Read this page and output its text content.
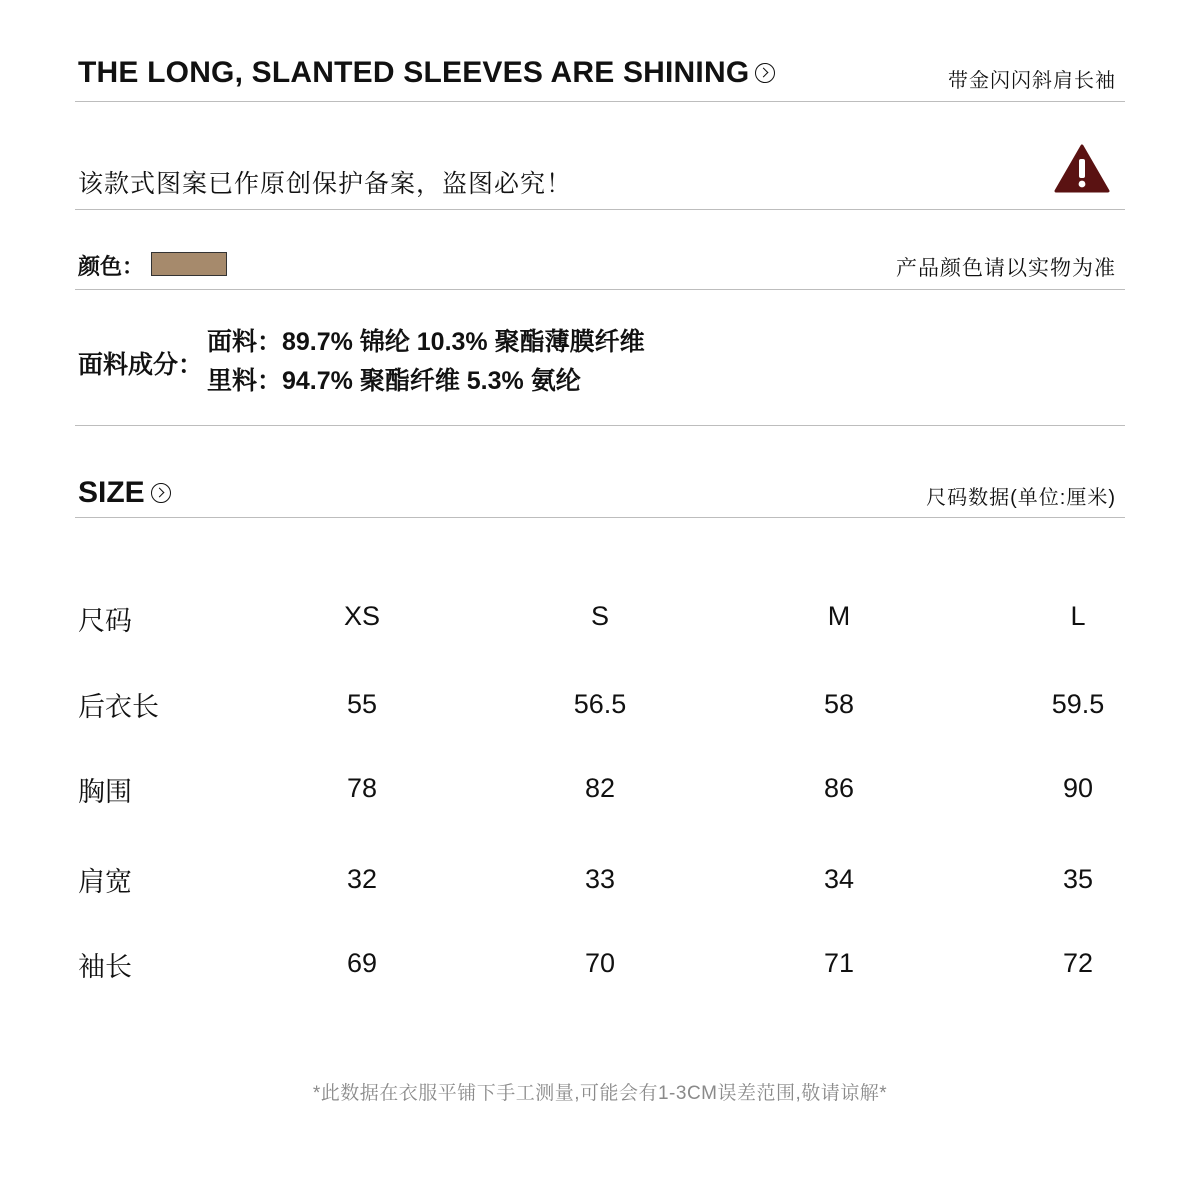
THE LONG, SLANTED SLEEVES ARE SHINING	带金闪闪斜肩长袖
该款式图案已作原创保护备案，盗图必究！
颜色：	产品颜色请以实物为准
面料成分：
面料：89.7% 锦纶 10.3% 聚酯薄膜纤维
里料：94.7% 聚酯纤维 5.3% 氨纶
SIZE	尺码数据(单位:厘米)
尺码	XS	S	M	L
后衣长	55	56.5	58	59.5
胸围	78	82	86	90
肩宽	32	33	34	35
袖长	69	70	71	72
*此数据在衣服平铺下手工测量,可能会有1-3CM误差范围,敬请谅解*
